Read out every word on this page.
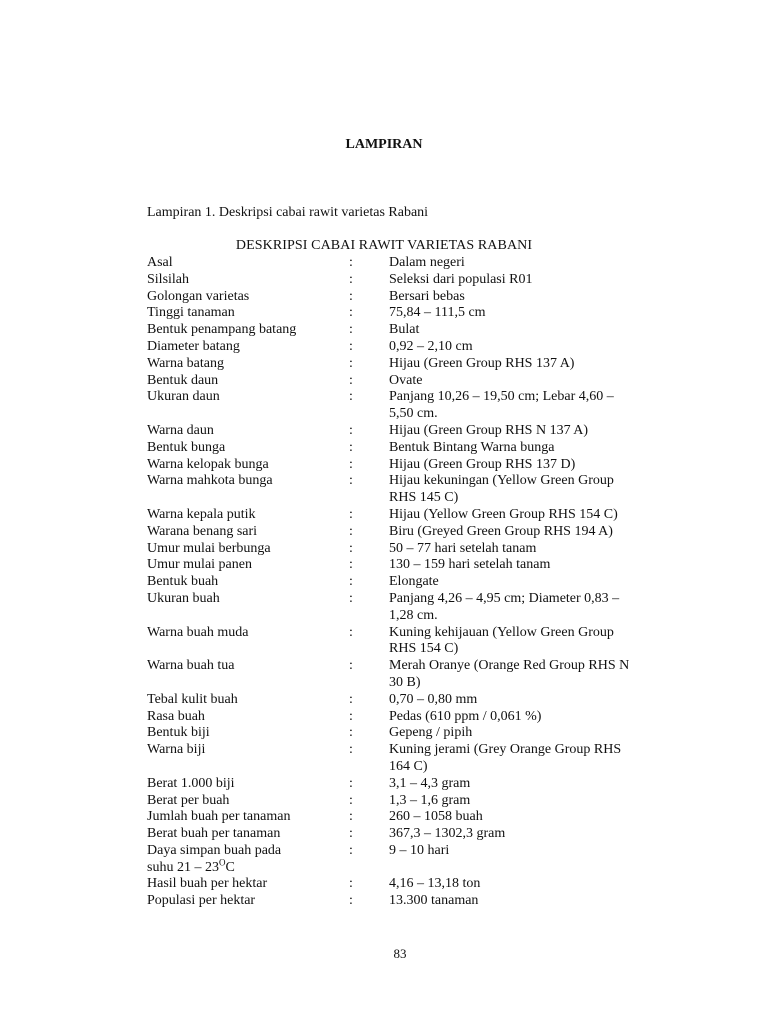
LAMPIRAN
Lampiran 1. Deskripsi cabai rawit varietas Rabani
DESKRIPSI CABAI RAWIT VARIETAS RABANI
Asal	:	Dalam negeri
Silsilah	:	Seleksi dari populasi R01
Golongan varietas	:	Bersari bebas
Tinggi tanaman	:	75,84 – 111,5 cm
Bentuk penampang batang	:	Bulat
Diameter batang	:	0,92 – 2,10 cm
Warna batang	:	Hijau (Green Group RHS 137 A)
Bentuk daun	:	Ovate
Ukuran daun	:	Panjang 10,26 – 19,50 cm; Lebar 4,60 –
5,50 cm.
Warna daun	:	Hijau (Green Group RHS N 137 A)
Bentuk bunga	:	Bentuk Bintang Warna bunga
Warna kelopak bunga	:	Hijau (Green Group RHS 137 D)
Warna mahkota bunga	:	Hijau kekuningan (Yellow Green Group
RHS 145 C)
Warna kepala putik	:	Hijau (Yellow Green Group RHS 154 C)
Warana benang sari	:	Biru (Greyed Green Group RHS 194 A)
Umur mulai berbunga	:	50 – 77 hari setelah tanam
Umur mulai panen	:	130 – 159 hari setelah tanam
Bentuk buah	:	Elongate
Ukuran buah	:	Panjang 4,26 – 4,95 cm; Diameter 0,83 –
1,28 cm.
Warna buah muda	:	Kuning kehijauan (Yellow Green Group
RHS 154 C)
Warna buah tua	:	Merah Oranye (Orange Red Group RHS N
30 B)
Tebal kulit buah	:	0,70 – 0,80 mm
Rasa buah	:	Pedas (610 ppm / 0,061 %)
Bentuk biji	:	Gepeng / pipih
Warna biji	:	Kuning jerami (Grey Orange Group RHS
164 C)
Berat 1.000 biji	:	3,1 – 4,3 gram
Berat per buah	:	1,3 – 1,6 gram
Jumlah buah per tanaman	:	260 – 1058 buah
Berat buah per tanaman	:	367,3 – 1302,3 gram
Daya simpan buah pada	:	9 – 10 hari
suhu $21 - 23^OC$
Hasil buah per hektar	:	4,16 – 13,18 ton
Populasi per hektar	:	13.300 tanaman
83
